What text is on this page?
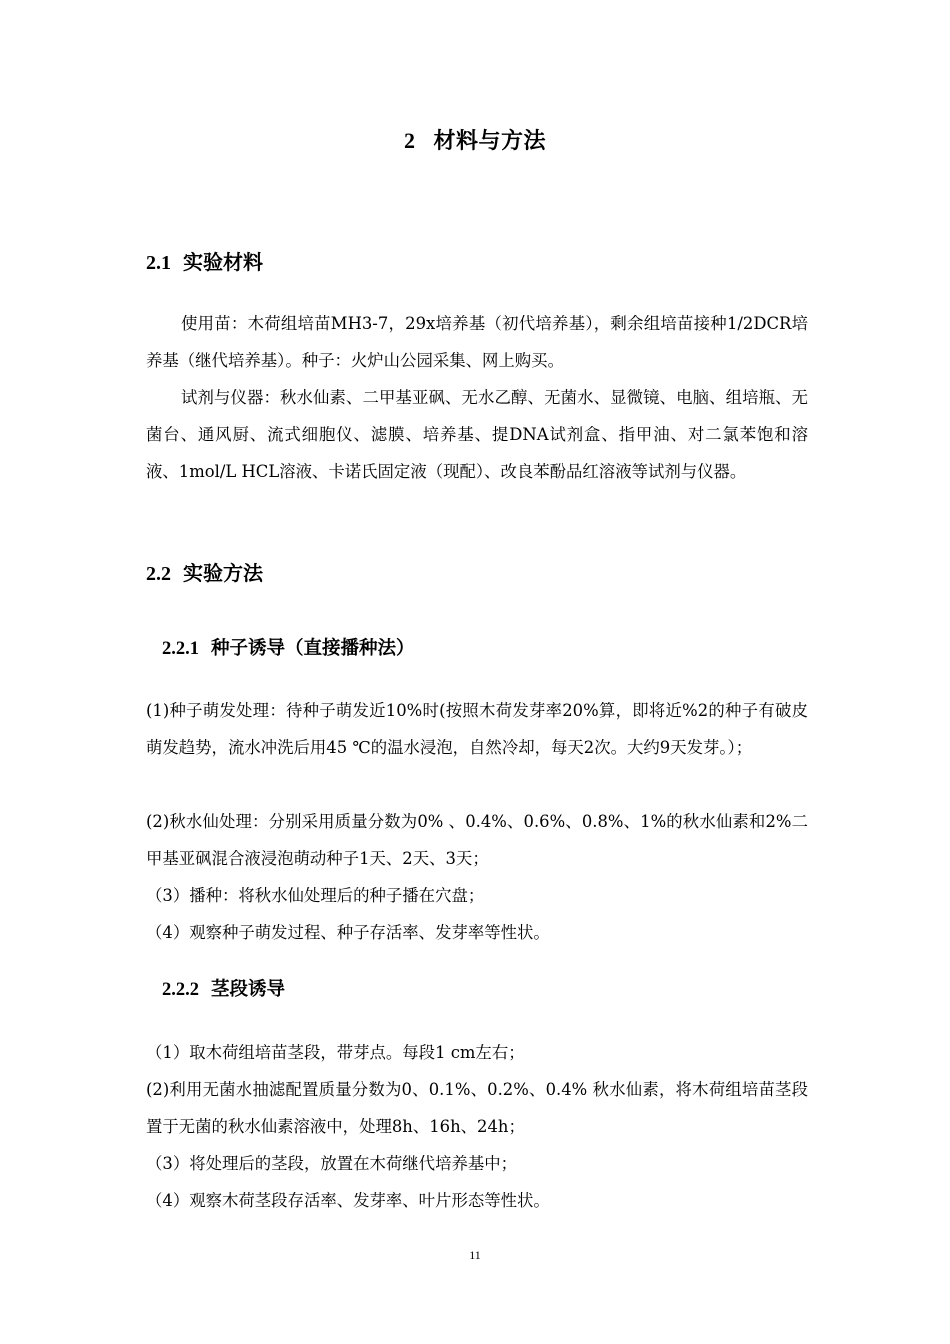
2 材料与方法
2.1 实验材料

使用苗：木荷组培苗MH3-7，29x培养基（初代培养基），剩余组培苗接种1/2DCR培养基（继代培养基）。种子：火炉山公园采集、网上购买。

试剂与仪器：秋水仙素、二甲基亚砜、无水乙醇、无菌水、显微镜、电脑、组培瓶、无菌台、通风厨、流式细胞仪、滤膜、培养基、提DNA试剂盒、指甲油、对二氯苯饱和溶液、1mol/L HCL溶液、卡诺氏固定液（现配）、改良苯酚品红溶液等试剂与仪器。

2.2 实验方法
2.2.1 种子诱导（直接播种法）

(1)种子萌发处理：待种子萌发近10%时(按照木荷发芽率20%算，即将近%2的种子有破皮萌发趋势，流水冲洗后用45 ℃的温水浸泡，自然冷却，每天2次。大约9天发芽。）；

(2)秋水仙处理：分别采用质量分数为0% 、0.4%、0.6%、0.8%、1%的秋水仙素和2%二甲基亚砜混合液浸泡萌动种子1天、2天、3天；

（3）播种：将秋水仙处理后的种子播在穴盘；

（4）观察种子萌发过程、种子存活率、发芽率等性状。

2.2.2 茎段诱导

（1）取木荷组培苗茎段，带芽点。每段1 cm左右；

(2)利用无菌水抽滤配置质量分数为0、0.1%、0.2%、0.4% 秋水仙素，将木荷组培苗茎段置于无菌的秋水仙素溶液中，处理8h、16h、24h；

（3）将处理后的茎段，放置在木荷继代培养基中；

（4）观察木荷茎段存活率、发芽率、叶片形态等性状。

11
